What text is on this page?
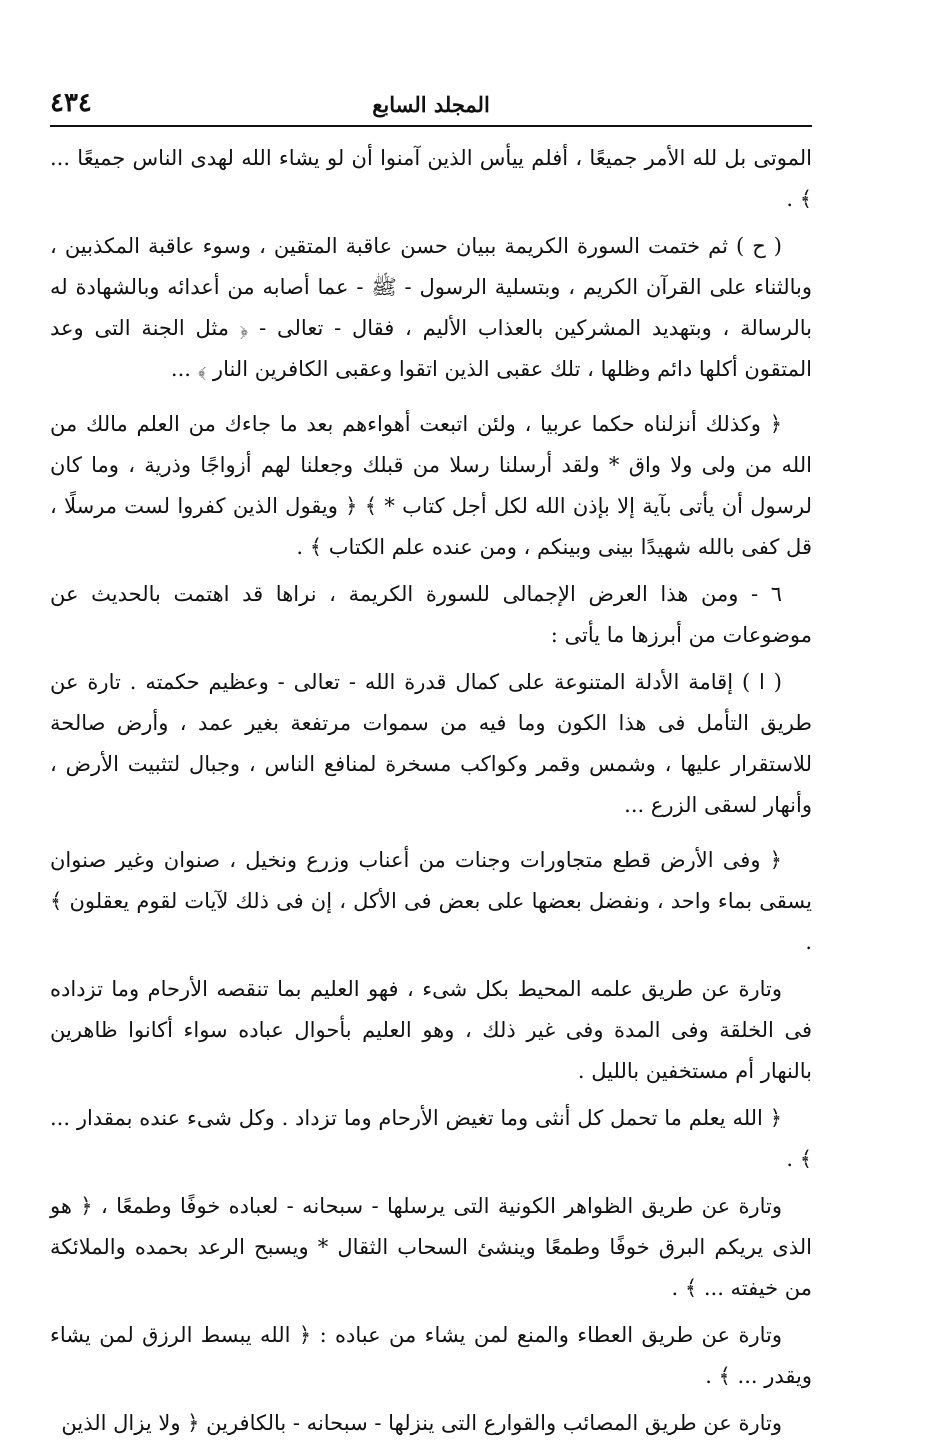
٤٣٤	المجلد السابع

الموتى بل لله الأمر جميعًا ، أفلم ييأس الذين آمنوا أن لو يشاء الله لهدى الناس جميعًا ... ﴾ .

( ح ) ثم ختمت السورة الكريمة ببيان حسن عاقبة المتقين ، وسوء عاقبة المكذبين ، وبالثناء على القرآن الكريم ، وبتسلية الرسول - ﷺ - عما أصابه من أعدائه وبالشهادة له بالرسالة ، وبتهديد المشركين بالعذاب الأليم ، فقال - تعالى - ﴿ مثل الجنة التى وعد المتقون أكلها دائم وظلها ، تلك عقبى الذين اتقوا وعقبى الكافرين النار ﴾ ...

﴿ وكذلك أنزلناه حكما عربيا ، ولئن اتبعت أهواءهم بعد ما جاءك من العلم مالك من الله من ولى ولا واق * ولقد أرسلنا رسلا من قبلك وجعلنا لهم أزواجًا وذرية ، وما كان لرسول أن يأتى بآية إلا بإذن الله لكل أجل كتاب * ﴾ ﴿ ويقول الذين كفروا لست مرسلًا ، قل كفى بالله شهيدًا بينى وبينكم ، ومن عنده علم الكتاب ﴾ .

٦ - ومن هذا العرض الإجمالى للسورة الكريمة ، نراها قد اهتمت بالحديث عن موضوعات من أبرزها ما يأتى :

( ا ) إقامة الأدلة المتنوعة على كمال قدرة الله - تعالى - وعظيم حكمته . تارة عن طريق التأمل فى هذا الكون وما فيه من سموات مرتفعة بغير عمد ، وأرض صالحة للاستقرار عليها ، وشمس وقمر وكواكب مسخرة لمنافع الناس ، وجبال لتثبيت الأرض ، وأنهار لسقى الزرع ...

﴿ وفى الأرض قطع متجاورات وجنات من أعناب وزرع ونخيل ، صنوان وغير صنوان يسقى بماء واحد ، ونفضل بعضها على بعض فى الأكل ، إن فى ذلك لآيات لقوم يعقلون ﴾ .

وتارة عن طريق علمه المحيط بكل شىء ، فهو العليم بما تنقصه الأرحام وما تزداده فى الخلقة وفى المدة وفى غير ذلك ، وهو العليم بأحوال عباده سواء أكانوا ظاهرين بالنهار أم مستخفين بالليل .

﴿ الله يعلم ما تحمل كل أنثى وما تغيض الأرحام وما تزداد . وكل شىء عنده بمقدار ... ﴾ .

وتارة عن طريق الظواهر الكونية التى يرسلها - سبحانه - لعباده خوفًا وطمعًا ، ﴿ هو الذى يريكم البرق خوفًا وطمعًا وينشئ السحاب الثقال * ويسبح الرعد بحمده والملائكة من خيفته ... ﴾ .

وتارة عن طريق العطاء والمنع لمن يشاء من عباده : ﴿ الله يبسط الرزق لمن يشاء ويقدر ... ﴾ .

وتارة عن طريق المصائب والقوارع التى ينزلها - سبحانه - بالكافرين ﴿ ولا يزال الذين
